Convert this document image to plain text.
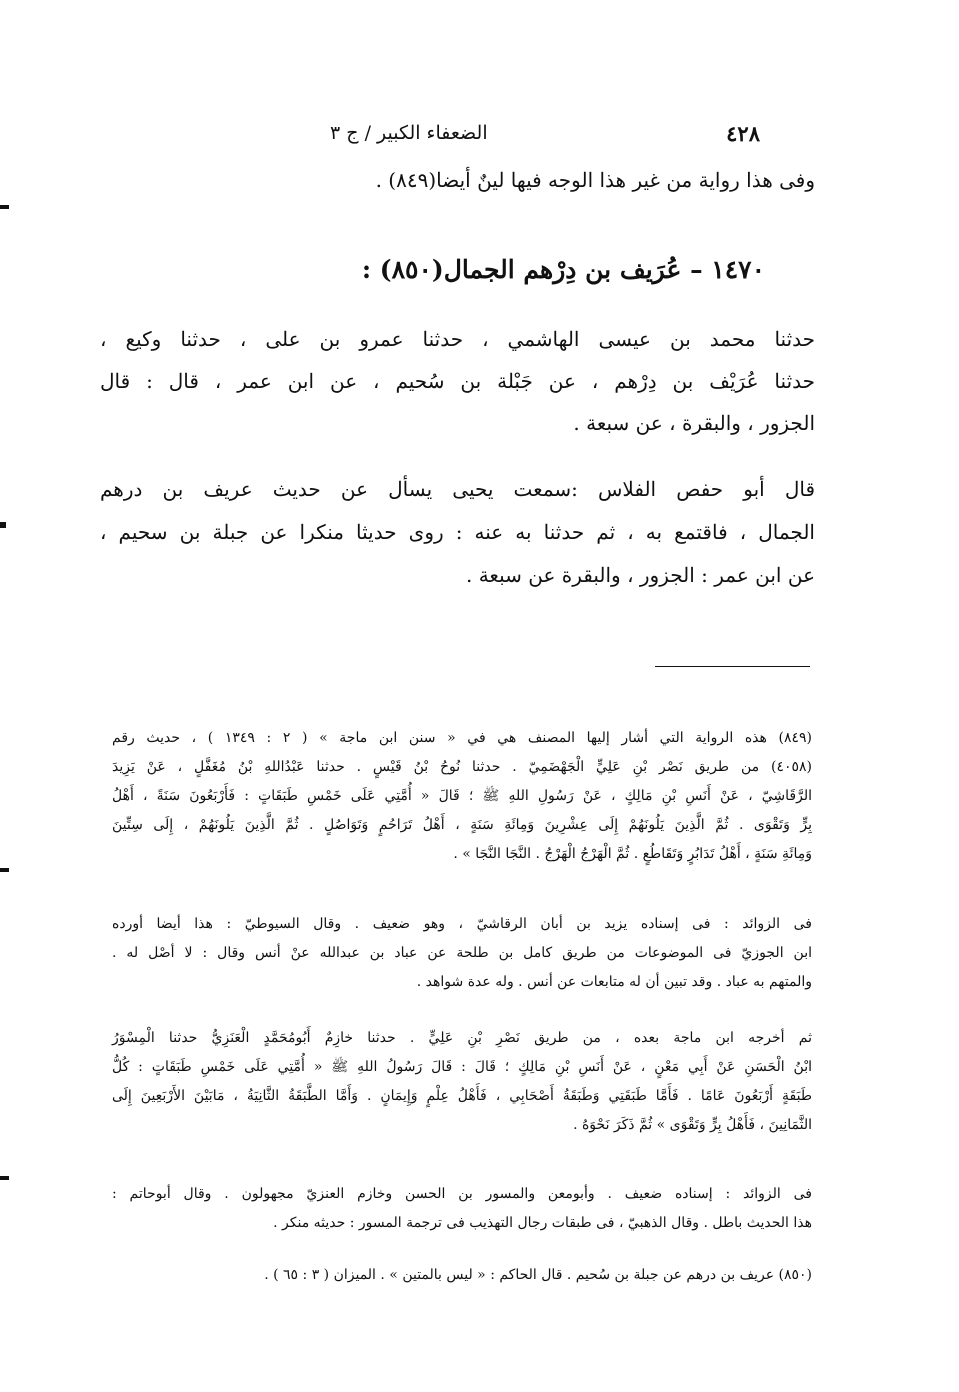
٤٢٨
الضعفاء الكبير / ج ٣
وفى هذا رواية من غير هذا الوجه فيها لينٌ أيضا(٨٤٩) .
١٤٧٠ – عُرَيف بن دِرْهم الجمال(٨٥٠) :
حدثنا محمد بن عيسى الهاشمي ، حدثنا عمرو بن على ، حدثنا وكيع ،
حدثنا عُرَيْف بن دِرْهم ، عن جَبْلة بن سُحيم ، عن ابن عمر ، قال : قال
الجزور ، والبقرة ، عن سبعة .
قال أبو حفص الفلاس :سمعت يحيى يسأل عن حديث عريف بن درهم
الجمال ، فاقتمع به ، ثم حدثنا به عنه : روى حديثا منكرا عن جبلة بن سحيم ،
عن ابن عمر : الجزور ، والبقرة عن سبعة .
(٨٤٩) هذه الرواية التي أشار إليها المصنف هي في « سنن ابن ماجة » ( ٢ : ١٣٤٩ ) ، حديث رقم
(٤٠٥٨) من طريق نَصْر بْنِ عَلِيٍّ الْجَهْضَمِيّ . حدثنا نُوحُ بْنُ قَيْسٍ . حدثنا عَبْدُاللهِ بْنُ مُغَفَّلٍ ، عَنْ يَزِيدَ
الرَّقَاشِيّ ، عَنْ أَنَسِ بْنِ مَالِكٍ ، عَنْ رَسُولِ اللهِ ﷺ ؛ قَالَ « أُمَّتِي عَلَى خَمْسِ طَبَقَاتٍ : فَأَرْبَعُونَ سَنَةً ، أَهْلُ
بِرٍّ وَتَقْوَى . ثُمَّ الَّذِينَ يَلُونَهُمْ إِلَى عِشْرِينَ وَمِائَةِ سَنَةٍ ، أَهْلُ تَرَاحُمٍ وَتَوَاصُلٍ . ثُمَّ الَّذِينَ يَلُونَهُمْ ، إِلَى سِتِّينَ
وَمِائَةِ سَنَةٍ ، أَهْلُ تَدَابُرٍ وَتَقَاطُعٍ . ثُمَّ الْهَرْجُ الْهَرْجُ . النَّجَا النَّجَا » .
فى الزوائد : فى إسناده يزيد بن أبان الرقاشيّ ، وهو ضعيف . وقال السيوطيّ : هذا أيضا أورده
ابن الجوزيّ فى الموضوعات من طريق كامل بن طلحة عن عباد بن عبدالله عنْ أنس وقال : لا أصْل له .
والمتهم به عباد . وقد تبين أن له متابعات عن أنس . وله عدة شواهد .
ثم أخرجه ابن ماجة بعده ، من طريق نَصْرِ بْنِ عَلِيٍّ . حدثنا خازِمٌ أَبُومُحَمَّدٍ الْعَنَزِيُّ حدثنا الْمِسْوَرُ
ابْنُ الْحَسَنِ عَنْ أَبِي مَعْنٍ ، عَنْ أَنَسِ بْنِ مَالِكٍ ؛ قَالَ : قَالَ رَسُولُ اللهِ ﷺ « أُمَّتِي عَلَى خَمْسِ طَبَقَاتٍ : كُلُّ
طَبَقَةٍ أَرْبَعُونَ عَامًا . فَأَمَّا طَبَقَتِي وَطَبَقَةُ أَصْحَابِي ، فَأَهْلُ عِلْمٍ وَإِيمَانٍ . وَأَمَّا الطَّبَقَةُ الثَّانِيَةُ ، مَابَيْنَ الأَرْبَعِينَ إِلَى
الثَّمَانِينَ ، فَأَهْلُ بِرٍّ وَتَقْوَى » ثُمَّ ذَكَرَ نَحْوَهُ .
فى الزوائد : إسناده ضعيف . وأبومعن والمسور بن الحسن وخازم العنزيّ مجهولون . وقال أبوحاتم :
هذا الحديث باطل . وقال الذهبيّ ، فى طبقات رجال التهذيب فى ترجمة المسور : حديثه منكر .
(٨٥٠) عريف بن درهم عن جبلة بن سُحيم . قال الحاكم : « ليس بالمتين » . الميزان ( ٣ : ٦٥ ) .
